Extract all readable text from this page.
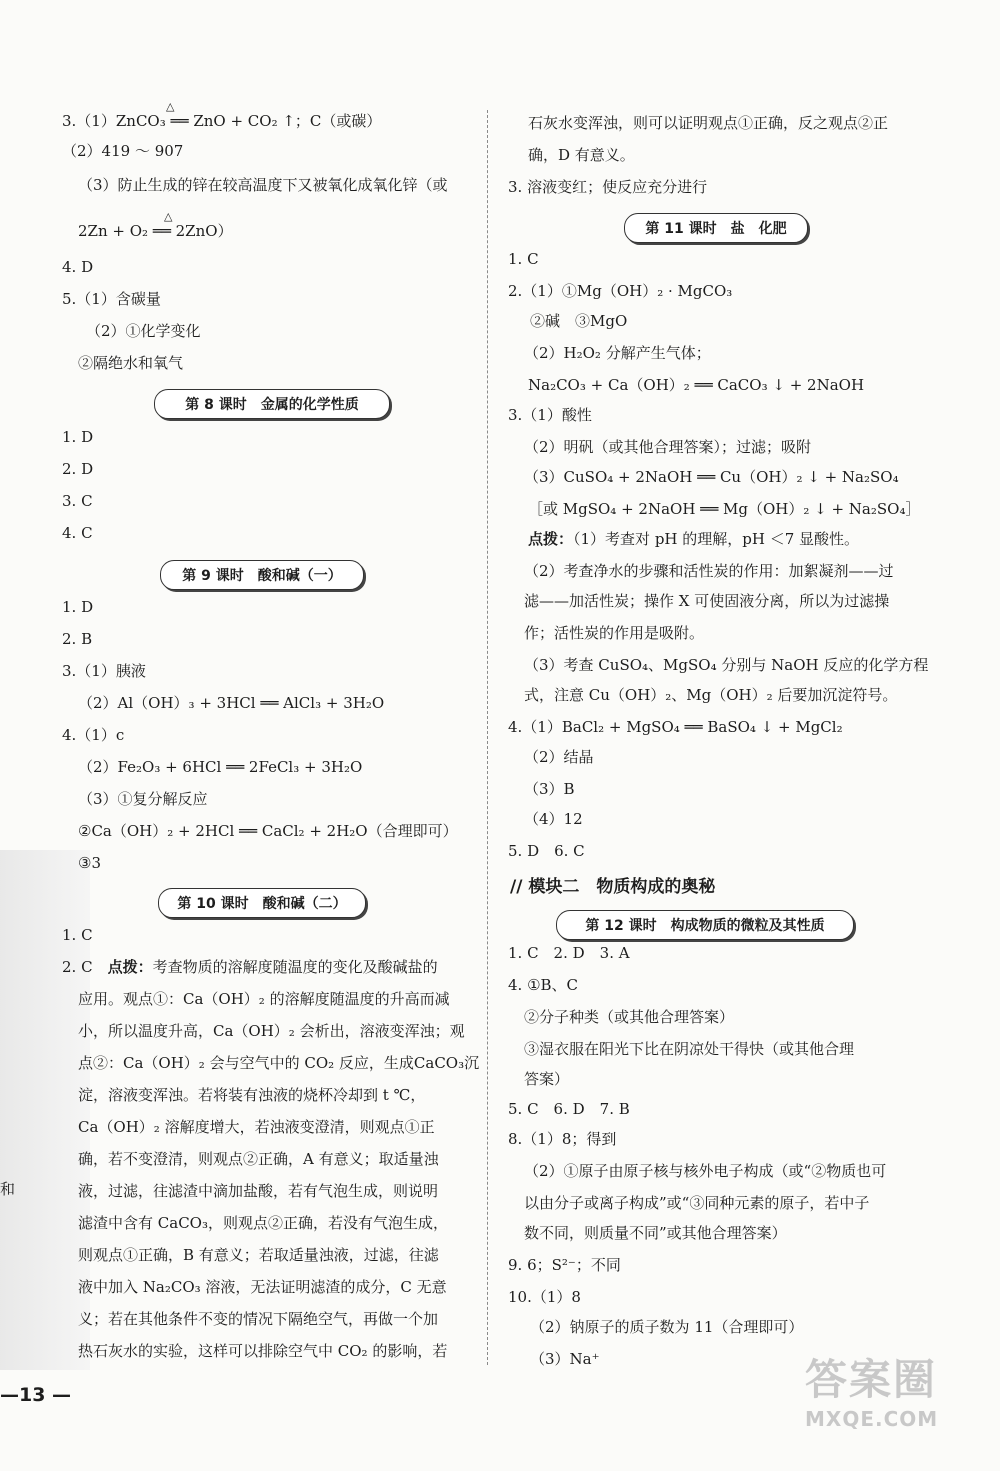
和
3.（1）ZnCO₃ ══ ZnO + CO₂ ↑；C（或碳）
△
（2）419 ～ 907
（3）防止生成的锌在较高温度下又被氧化成氧化锌（或
2Zn + O₂ ══ 2ZnO）
△
4. D
5.（1）含碳量
（2）①化学变化
②隔绝水和氧气
第 8 课时　金属的化学性质
1. D
2. D
3. C
4. C
第 9 课时　酸和碱（一）
1. D
2. B
3.（1）胰液
（2）Al（OH）₃ + 3HCl ══ AlCl₃ + 3H₂O
4.（1）c
（2）Fe₂O₃ + 6HCl ══ 2FeCl₃ + 3H₂O
（3）①复分解反应
②Ca（OH）₂ + 2HCl ══ CaCl₂ + 2H₂O（合理即可）
③3
第 10 课时　酸和碱（二）
1. C
2. C　点拨：考查物质的溶解度随温度的变化及酸碱盐的
应用。观点①：Ca（OH）₂ 的溶解度随温度的升高而减
小，所以温度升高，Ca（OH）₂ 会析出，溶液变浑浊；观
点②：Ca（OH）₂ 会与空气中的 CO₂ 反应，生成CaCO₃沉
淀，溶液变浑浊。若将装有浊液的烧杯冷却到 t ℃，
Ca（OH）₂ 溶解度增大，若浊液变澄清，则观点①正
确，若不变澄清，则观点②正确，A 有意义；取适量浊
液，过滤，往滤渣中滴加盐酸，若有气泡生成，则说明
滤渣中含有 CaCO₃，则观点②正确，若没有气泡生成，
则观点①正确，B 有意义；若取适量浊液，过滤，往滤
液中加入 Na₂CO₃ 溶液，无法证明滤渣的成分，C 无意
义；若在其他条件不变的情况下隔绝空气，再做一个加
热石灰水的实验，这样可以排除空气中 CO₂ 的影响，若
石灰水变浑浊，则可以证明观点①正确，反之观点②正
确，D 有意义。
3. 溶液变红；使反应充分进行
第 11 课时　盐　化肥
1. C
2.（1）①Mg（OH）₂ · MgCO₃
②碱　③MgO
（2）H₂O₂ 分解产生气体；
Na₂CO₃ + Ca（OH）₂ ══ CaCO₃ ↓ + 2NaOH
3.（1）酸性
（2）明矾（或其他合理答案）；过滤；吸附
（3）CuSO₄ + 2NaOH ══ Cu（OH）₂ ↓ + Na₂SO₄
［或 MgSO₄ + 2NaOH ══ Mg（OH）₂ ↓ + Na₂SO₄］
点拨：（1）考查对 pH 的理解，pH ＜7 显酸性。
（2）考查净水的步骤和活性炭的作用：加絮凝剂——过
滤——加活性炭；操作 X 可使固液分离，所以为过滤操
作；活性炭的作用是吸附。
（3）考查 CuSO₄、MgSO₄ 分别与 NaOH 反应的化学方程
式，注意 Cu（OH）₂、Mg（OH）₂ 后要加沉淀符号。
4.（1）BaCl₂ + MgSO₄ ══ BaSO₄ ↓ + MgCl₂
（2）结晶
（3）B
（4）12
5. D　6. C
// 模块二　物质构成的奥秘
第 12 课时　构成物质的微粒及其性质
1. C　2. D　3. A
4. ①B、C
②分子种类（或其他合理答案）
③湿衣服在阳光下比在阴凉处干得快（或其他合理
答案）
5. C　6. D　7. B
8.（1）8；得到
（2）①原子由原子核与核外电子构成（或“②物质也可
以由分子或离子构成”或“③同种元素的原子，若中子
数不同，则质量不同”或其他合理答案）
9. 6；S²⁻；不同
10.（1）8
（2）钠原子的质子数为 11（合理即可）
（3）Na⁺
—13 —	答案圈
MXQE.COM
